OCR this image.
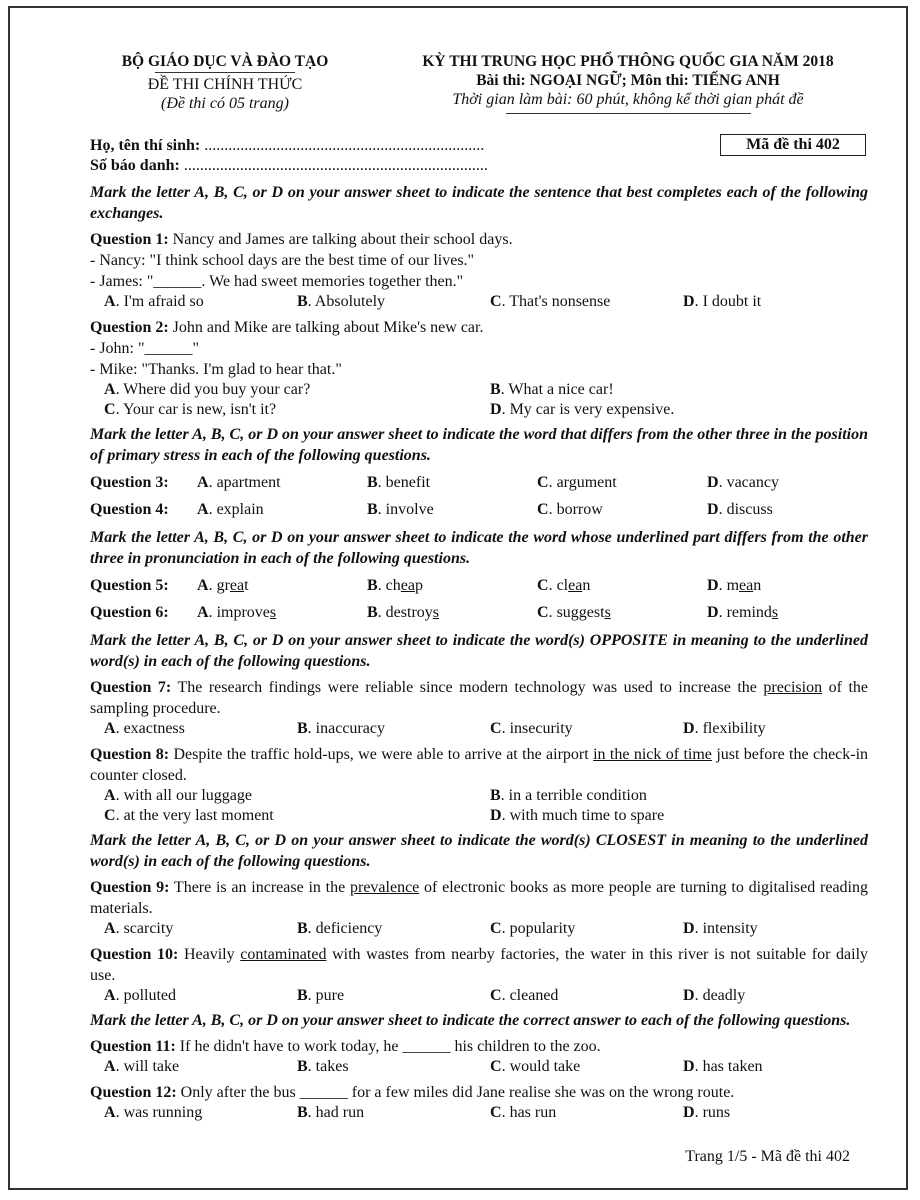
BỘ GIÁO DỤC VÀ ĐÀO TẠO
ĐỀ THI CHÍNH THỨC
(Đề thi có 05 trang)
KỲ THI TRUNG HỌC PHỔ THÔNG QUỐC GIA NĂM 2018
Bài thi: NGOẠI NGỮ; Môn thi: TIẾNG ANH
Thời gian làm bài: 60 phút, không kể thời gian phát đề
Họ, tên thí sinh: ......................................................................
Số báo danh: ............................................................................
Mã đề thi 402
Mark the letter A, B, C, or D on your answer sheet to indicate the sentence that best completes each of the following exchanges.
Question 1: Nancy and James are talking about their school days.
- Nancy: "I think school days are the best time of our lives."
- James: "______. We had sweet memories together then."
A. I'm afraid so	B. Absolutely	C. That's nonsense	D. I doubt it
Question 2: John and Mike are talking about Mike's new car.
- John: "______"
- Mike: "Thanks. I'm glad to hear that."
A. Where did you buy your car?	B. What a nice car!
C. Your car is new, isn't it?	D. My car is very expensive.
Mark the letter A, B, C, or D on your answer sheet to indicate the word that differs from the other three in the position of primary stress in each of the following questions.
Question 3:	A. apartment	B. benefit	C. argument	D. vacancy
Question 4:	A. explain	B. involve	C. borrow	D. discuss
Mark the letter A, B, C, or D on your answer sheet to indicate the word whose underlined part differs from the other three in pronunciation in each of the following questions.
Question 5:	A. great	B. cheap	C. clean	D. mean
Question 6:	A. improves	B. destroys	C. suggests	D. reminds
Mark the letter A, B, C, or D on your answer sheet to indicate the word(s) OPPOSITE in meaning to the underlined word(s) in each of the following questions.
Question 7: The research findings were reliable since modern technology was used to increase the precision of the sampling procedure.
A. exactness	B. inaccuracy	C. insecurity	D. flexibility
Question 8: Despite the traffic hold-ups, we were able to arrive at the airport in the nick of time just before the check-in counter closed.
A. with all our luggage	B. in a terrible condition
C. at the very last moment	D. with much time to spare
Mark the letter A, B, C, or D on your answer sheet to indicate the word(s) CLOSEST in meaning to the underlined word(s) in each of the following questions.
Question 9: There is an increase in the prevalence of electronic books as more people are turning to digitalised reading materials.
A. scarcity	B. deficiency	C. popularity	D. intensity
Question 10: Heavily contaminated with wastes from nearby factories, the water in this river is not suitable for daily use.
A. polluted	B. pure	C. cleaned	D. deadly
Mark the letter A, B, C, or D on your answer sheet to indicate the correct answer to each of the following questions.
Question 11: If he didn't have to work today, he ______ his children to the zoo.
A. will take	B. takes	C. would take	D. has taken
Question 12: Only after the bus ______ for a few miles did Jane realise she was on the wrong route.
A. was running	B. had run	C. has run	D. runs
Trang 1/5 - Mã đề thi 402
